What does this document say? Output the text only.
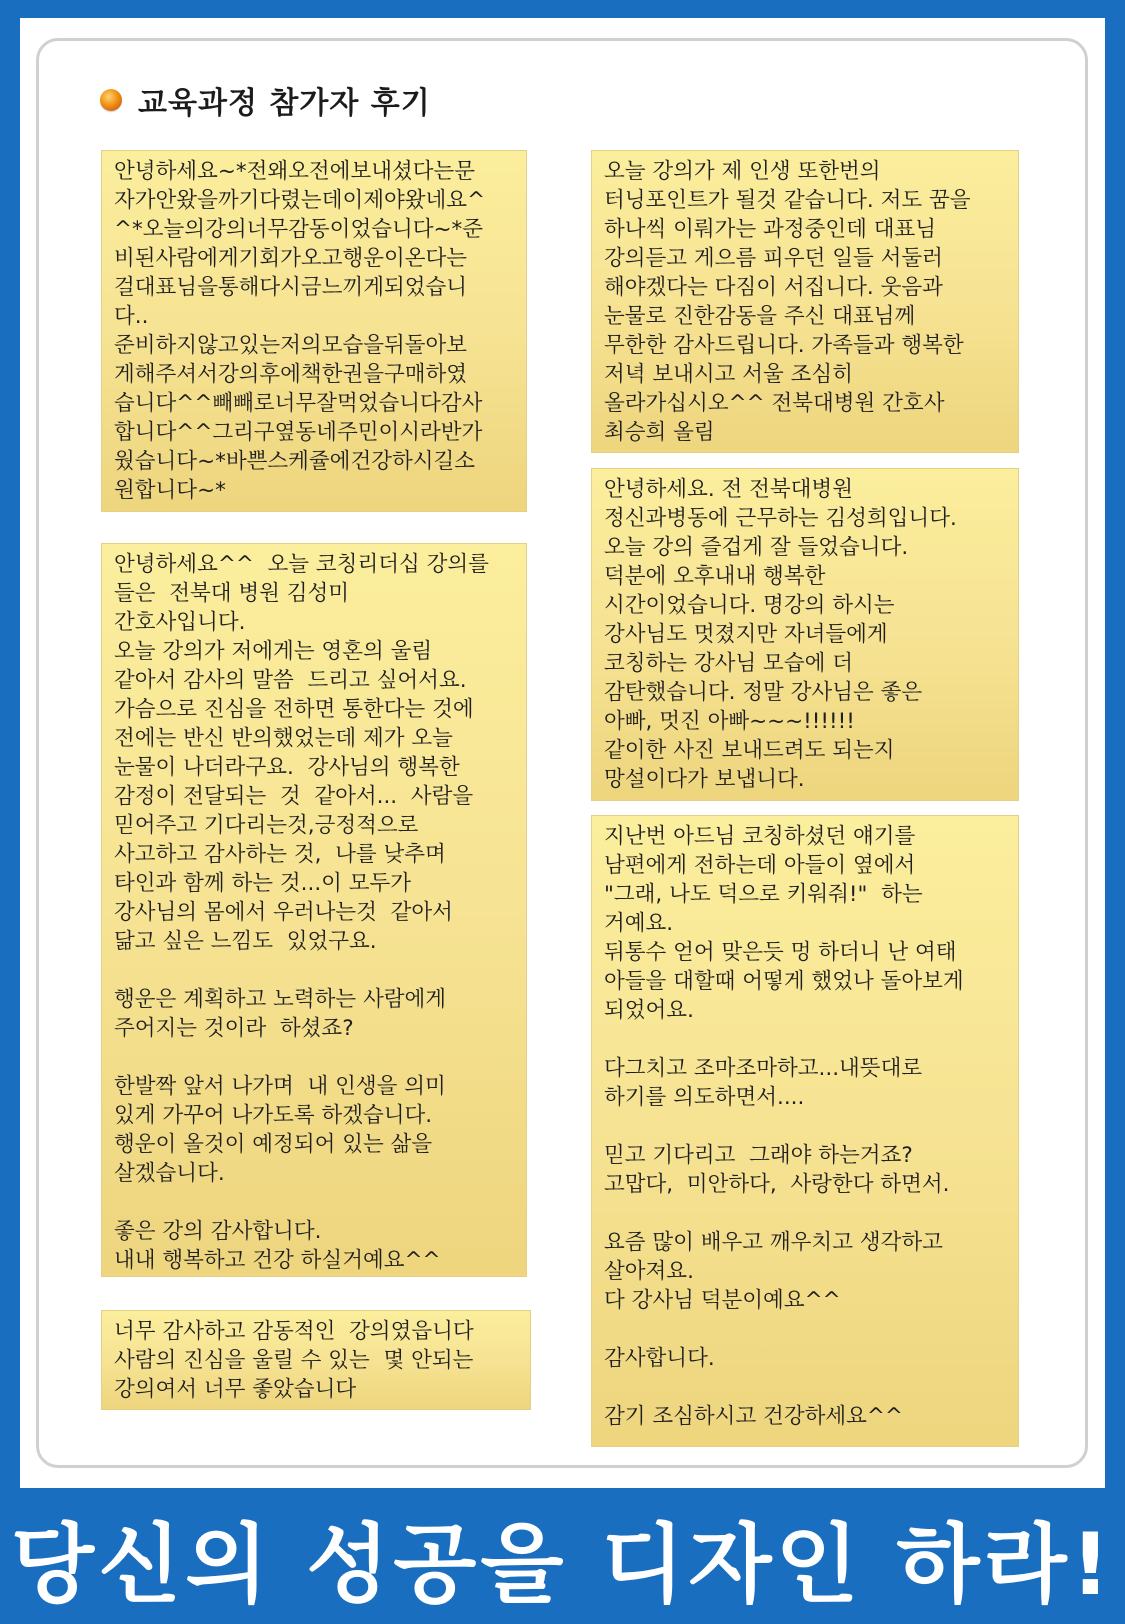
교육과정 참가자 후기
안녕하세요~*전왜오전에보내셨다는문
자가안왔을까기다렸는데이제야왔네요^
^*오늘의강의너무감동이었습니다~*준
비된사람에게기회가오고행운이온다는
걸대표님을통해다시금느끼게되었습니
다..
준비하지않고있는저의모습을뒤돌아보
게해주셔서강의후에책한권을구매하였
습니다^^빼빼로너무잘먹었습니다감사
합니다^^그리구옆동네주민이시라반가
웠습니다~*바쁜스케쥴에건강하시길소
원합니다~*
안녕하세요^^  오늘 코칭리더십 강의를
들은  전북대 병원 김성미
간호사입니다.
오늘 강의가 저에게는 영혼의 울림
같아서 감사의 말씀  드리고 싶어서요.
가슴으로 진심을 전하면 통한다는 것에
전에는 반신 반의했었는데 제가 오늘
눈물이 나더라구요.  강사님의 행복한
감정이 전달되는  것  같아서...  사람을
믿어주고 기다리는것,긍정적으로
사고하고 감사하는 것,  나를 낮추며
타인과 함께 하는 것...이 모두가
강사님의 몸에서 우러나는것  같아서
닮고 싶은 느낌도  있었구요.

행운은 계획하고 노력하는 사람에게
주어지는 것이라  하셨죠?

한발짝 앞서 나가며  내 인생을 의미
있게 가꾸어 나가도록 하겠습니다.
행운이 올것이 예정되어 있는 삶을
살겠습니다.

좋은 강의 감사합니다.
내내 행복하고 건강 하실거예요^^
너무 감사하고 감동적인  강의였읍니다
사람의 진심을 울릴 수 있는  몇 안되는
강의여서 너무 좋았습니다
오늘 강의가 제 인생 또한번의
터닝포인트가 될것 같습니다. 저도 꿈을
하나씩 이뤄가는 과정중인데 대표님
강의듣고 게으름 피우던 일들 서둘러
해야겠다는 다짐이 서집니다. 웃음과
눈물로 진한감동을 주신 대표님께
무한한 감사드립니다. 가족들과 행복한
저녁 보내시고 서울 조심히
올라가십시오^^ 전북대병원 간호사
최승희 올림
안녕하세요. 전 전북대병원
정신과병동에 근무하는 김성희입니다.
오늘 강의 즐겁게 잘 들었습니다.
덕분에 오후내내 행복한
시간이었습니다. 명강의 하시는
강사님도 멋졌지만 자녀들에게
코칭하는 강사님 모습에 더
감탄했습니다. 정말 강사님은 좋은
아빠, 멋진 아빠~~~!!!!!!
같이한 사진 보내드려도 되는지
망설이다가 보냅니다.
지난번 아드님 코칭하셨던 얘기를
남편에게 전하는데 아들이 옆에서
"그래, 나도 덕으로 키워줘!"  하는
거예요.
뒤통수 얻어 맞은듯 멍 하더니 난 여태
아들을 대할때 어떻게 했었나 돌아보게
되었어요.

다그치고 조마조마하고...내뜻대로
하기를 의도하면서....

믿고 기다리고  그래야 하는거죠?
고맙다,  미안하다,  사랑한다 하면서.

요즘 많이 배우고 깨우치고 생각하고
살아져요.
다 강사님 덕분이예요^^

감사합니다.

감기 조심하시고 건강하세요^^
당신의 성공을 디자인 하라!
